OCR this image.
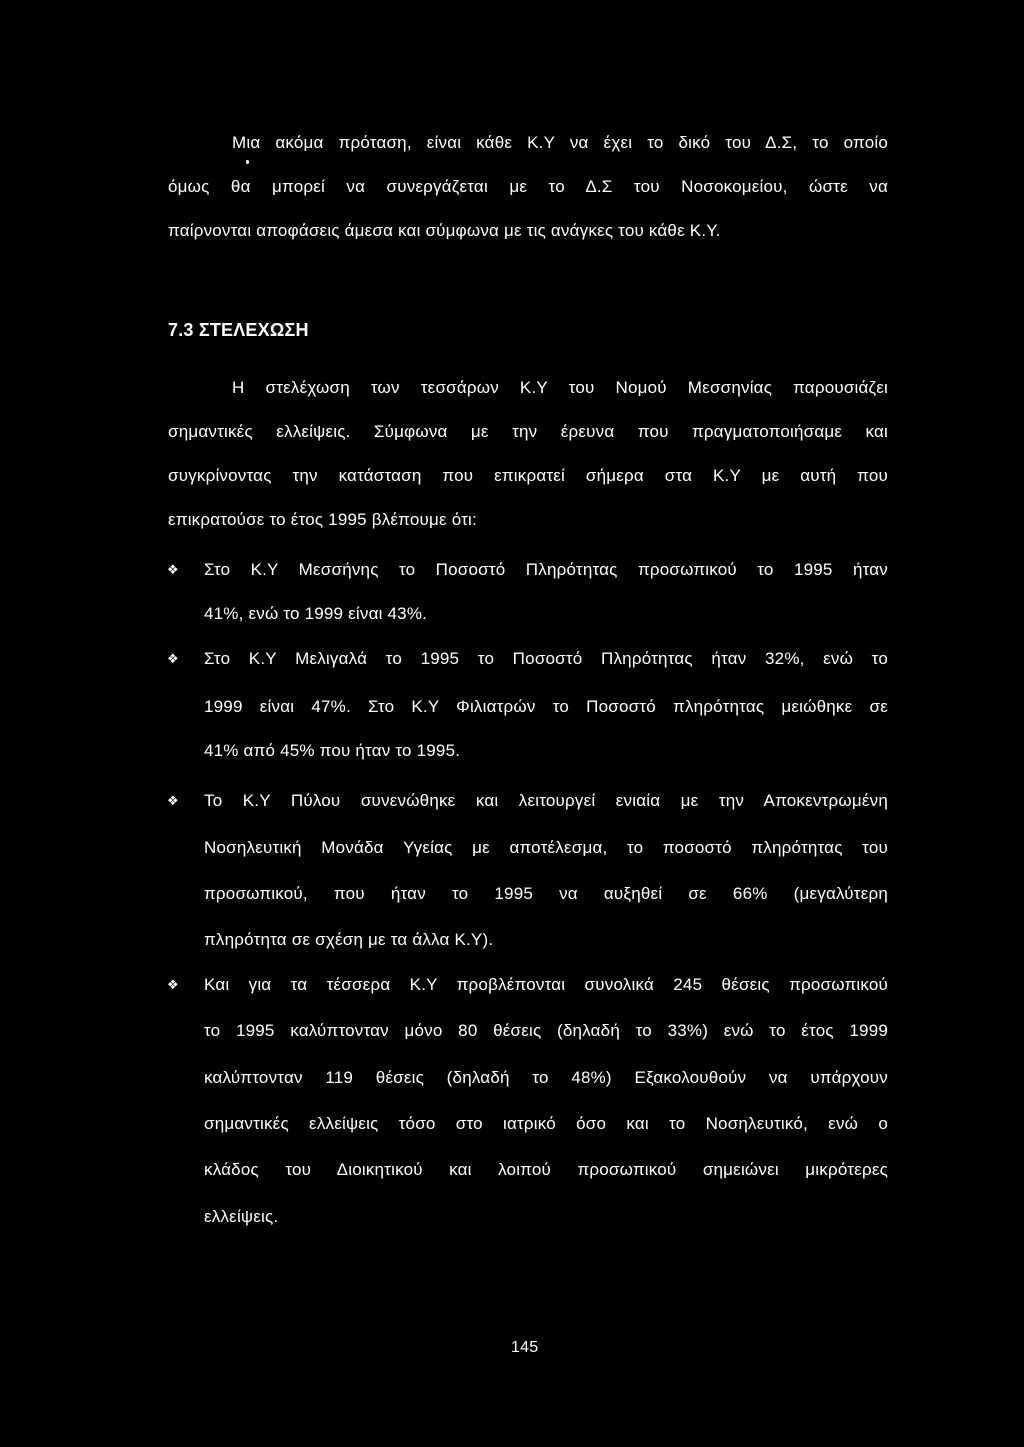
Μια ακόμα πρόταση, είναι κάθε Κ.Υ να έχει το δικό του Δ.Σ, το οποίο
όμως θα μπορεί να συνεργάζεται με το Δ.Σ του Νοσοκομείου, ώστε να
παίρνονται αποφάσεις άμεσα και σύμφωνα με τις ανάγκες του κάθε Κ.Υ.
7.3 ΣΤΕΛΕΧΩΣΗ
Η στελέχωση των τεσσάρων Κ.Υ του Νομού Μεσσηνίας παρουσιάζει
σημαντικές ελλείψεις. Σύμφωνα με την έρευνα που πραγματοποιήσαμε και
συγκρίνοντας την κατάσταση που επικρατεί σήμερα στα Κ.Υ με αυτή που
επικρατούσε το έτος 1995 βλέπουμε ότι:
❖ Στο Κ.Υ Μεσσήνης το Ποσοστό Πληρότητας προσωπικού το 1995 ήταν
41%, ενώ το 1999 είναι 43%.
❖ Στο Κ.Υ Μελιγαλά το 1995 το Ποσοστό Πληρότητας ήταν 32%, ενώ το
1999 είναι 47%. Στο Κ.Υ Φιλιατρών το Ποσοστό πληρότητας μειώθηκε σε
41% από 45% που ήταν το 1995.
❖ Το Κ.Υ Πύλου συνενώθηκε και λειτουργεί ενιαία με την Αποκεντρωμένη
Νοσηλευτική Μονάδα Υγείας με αποτέλεσμα, το ποσοστό πληρότητας του
προσωπικού, που ήταν το 1995 να αυξηθεί σε 66% (μεγαλύτερη
πληρότητα σε σχέση με τα άλλα Κ.Υ).
❖ Και για τα τέσσερα Κ.Υ προβλέπονται συνολικά 245 θέσεις προσωπικού
το 1995 καλύπτονταν μόνο 80 θέσεις (δηλαδή το 33%) ενώ το έτος 1999
καλύπτονταν 119 θέσεις (δηλαδή το 48%) Εξακολουθούν να υπάρχουν
σημαντικές ελλείψεις τόσο στο ιατρικό όσο και το Νοσηλευτικό, ενώ ο
κλάδος του Διοικητικού και λοιπού προσωπικού σημειώνει μικρότερες
ελλείψεις.
145
